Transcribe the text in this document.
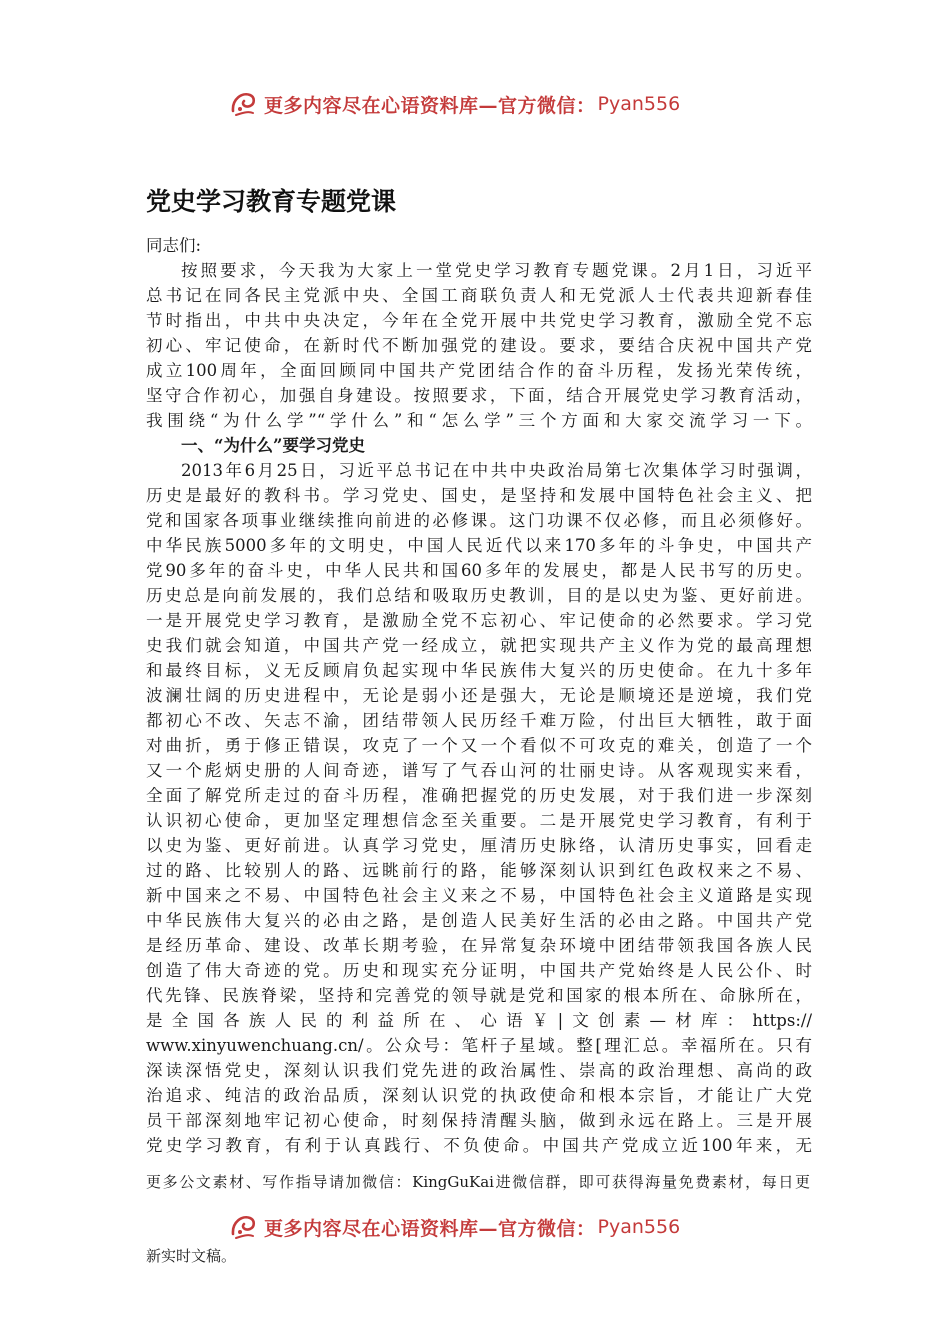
更多内容尽在心语资料库—官方微信： Pyan556
党史学习教育专题党课
同志们:
按照要求，今天我为大家上一堂党史学习教育专题党课。2月1日，习近平
总书记在同各民主党派中央、全国工商联负责人和无党派人士代表共迎新春佳
节时指出，中共中央决定，今年在全党开展中共党史学习教育，激励全党不忘
初心、牢记使命，在新时代不断加强党的建设。要求，要结合庆祝中国共产党
成立100周年，全面回顾同中国共产党团结合作的奋斗历程，发扬光荣传统，
坚守合作初心，加强自身建设。按照要求，下面，结合开展党史学习教育活动，
我围绕“为什么学”“学什么”和“怎么学”三个方面和大家交流学习一下。
一、“为什么”要学习党史
2013年6月25日，习近平总书记在中共中央政治局第七次集体学习时强调，
历史是最好的教科书。学习党史、国史，是坚持和发展中国特色社会主义、把
党和国家各项事业继续推向前进的必修课。这门功课不仅必修，而且必须修好。
中华民族5000多年的文明史，中国人民近代以来170多年的斗争史，中国共产
党90多年的奋斗史，中华人民共和国60多年的发展史，都是人民书写的历史。
历史总是向前发展的，我们总结和吸取历史教训，目的是以史为鉴、更好前进。
一是开展党史学习教育，是激励全党不忘初心、牢记使命的必然要求。学习党
史我们就会知道，中国共产党一经成立，就把实现共产主义作为党的最高理想
和最终目标，义无反顾肩负起实现中华民族伟大复兴的历史使命。在九十多年
波澜壮阔的历史进程中，无论是弱小还是强大，无论是顺境还是逆境，我们党
都初心不改、矢志不渝，团结带领人民历经千难万险，付出巨大牺牲，敢于面
对曲折，勇于修正错误，攻克了一个又一个看似不可攻克的难关，创造了一个
又一个彪炳史册的人间奇迹，谱写了气吞山河的壮丽史诗。从客观现实来看，
全面了解党所走过的奋斗历程，准确把握党的历史发展，对于我们进一步深刻
认识初心使命，更加坚定理想信念至关重要。二是开展党史学习教育，有利于
以史为鉴、更好前进。认真学习党史，厘清历史脉络，认清历史事实，回看走
过的路、比较别人的路、远眺前行的路，能够深刻认识到红色政权来之不易、
新中国来之不易、中国特色社会主义来之不易，中国特色社会主义道路是实现
中华民族伟大复兴的必由之路，是创造人民美好生活的必由之路。中国共产党
是经历革命、建设、改革长期考验，在异常复杂环境中团结带领我国各族人民
创造了伟大奇迹的党。历史和现实充分证明，中国共产党始终是人民公仆、时
代先锋、民族脊梁，坚持和完善党的领导就是党和国家的根本所在、命脉所在，
是全国各族人民的利益所在、心语￥|文创素—材库：https://
www.xinyuwenchuang.cn/。公众号：笔杆子星域。整[理汇总。幸福所在。只有
深读深悟党史，深刻认识我们党先进的政治属性、崇高的政治理想、高尚的政
治追求、纯洁的政治品质，深刻认识党的执政使命和根本宗旨，才能让广大党
员干部深刻地牢记初心使命，时刻保持清醒头脑，做到永远在路上。三是开展
党史学习教育，有利于认真践行、不负使命。中国共产党成立近100年来，无
更多公文素材、写作指导请加微信：KingGuKai进微信群，即可获得海量免费素材，每日更
更多内容尽在心语资料库—官方微信： Pyan556
新实时文稿。
